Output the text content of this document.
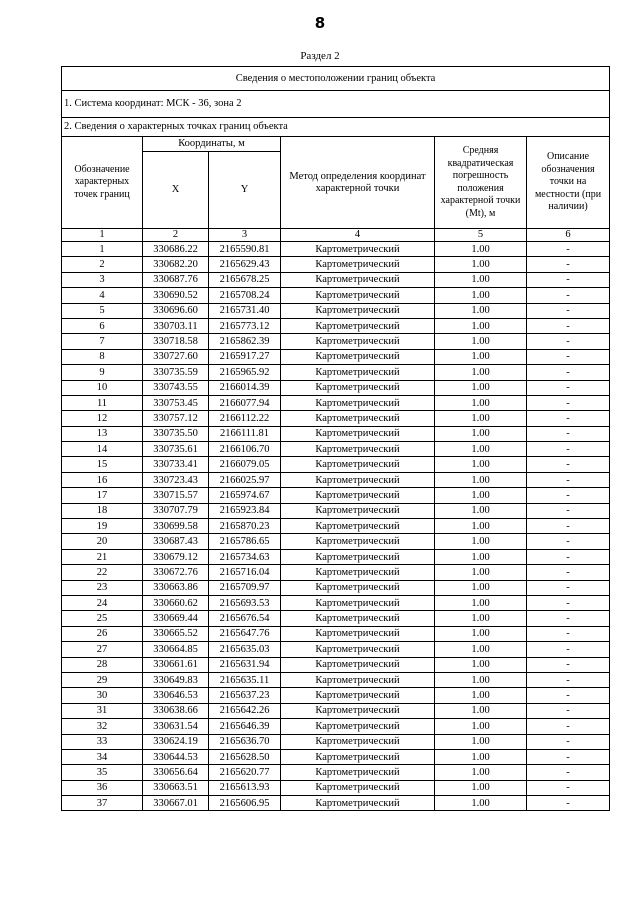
8
Раздел 2
Сведения о местоположении границ объекта					
1. Система координат: МСК - 36, зона 2					
2. Сведения о характерных точках границ объекта					
Обозначение характерных точек границ	Координаты, м		Метод определения координат характерной точки	Средняя квадратическая погрешность положения характерной точки (Mt), м	Описание обозначения точки на местности (при наличии)
	X	Y			
1	2	3	4	5	6
1	330686.22	2165590.81	Картометрический	1.00	-
2	330682.20	2165629.43	Картометрический	1.00	-
3	330687.76	2165678.25	Картометрический	1.00	-
4	330690.52	2165708.24	Картометрический	1.00	-
5	330696.60	2165731.40	Картометрический	1.00	-
6	330703.11	2165773.12	Картометрический	1.00	-
7	330718.58	2165862.39	Картометрический	1.00	-
8	330727.60	2165917.27	Картометрический	1.00	-
9	330735.59	2165965.92	Картометрический	1.00	-
10	330743.55	2166014.39	Картометрический	1.00	-
11	330753.45	2166077.94	Картометрический	1.00	-
12	330757.12	2166112.22	Картометрический	1.00	-
13	330735.50	2166111.81	Картометрический	1.00	-
14	330735.61	2166106.70	Картометрический	1.00	-
15	330733.41	2166079.05	Картометрический	1.00	-
16	330723.43	2166025.97	Картометрический	1.00	-
17	330715.57	2165974.67	Картометрический	1.00	-
18	330707.79	2165923.84	Картометрический	1.00	-
19	330699.58	2165870.23	Картометрический	1.00	-
20	330687.43	2165786.65	Картометрический	1.00	-
21	330679.12	2165734.63	Картометрический	1.00	-
22	330672.76	2165716.04	Картометрический	1.00	-
23	330663.86	2165709.97	Картометрический	1.00	-
24	330660.62	2165693.53	Картометрический	1.00	-
25	330669.44	2165676.54	Картометрический	1.00	-
26	330665.52	2165647.76	Картометрический	1.00	-
27	330664.85	2165635.03	Картометрический	1.00	-
28	330661.61	2165631.94	Картометрический	1.00	-
29	330649.83	2165635.11	Картометрический	1.00	-
30	330646.53	2165637.23	Картометрический	1.00	-
31	330638.66	2165642.26	Картометрический	1.00	-
32	330631.54	2165646.39	Картометрический	1.00	-
33	330624.19	2165636.70	Картометрический	1.00	-
34	330644.53	2165628.50	Картометрический	1.00	-
35	330656.64	2165620.77	Картометрический	1.00	-
36	330663.51	2165613.93	Картометрический	1.00	-
37	330667.01	2165606.95	Картометрический	1.00	-
